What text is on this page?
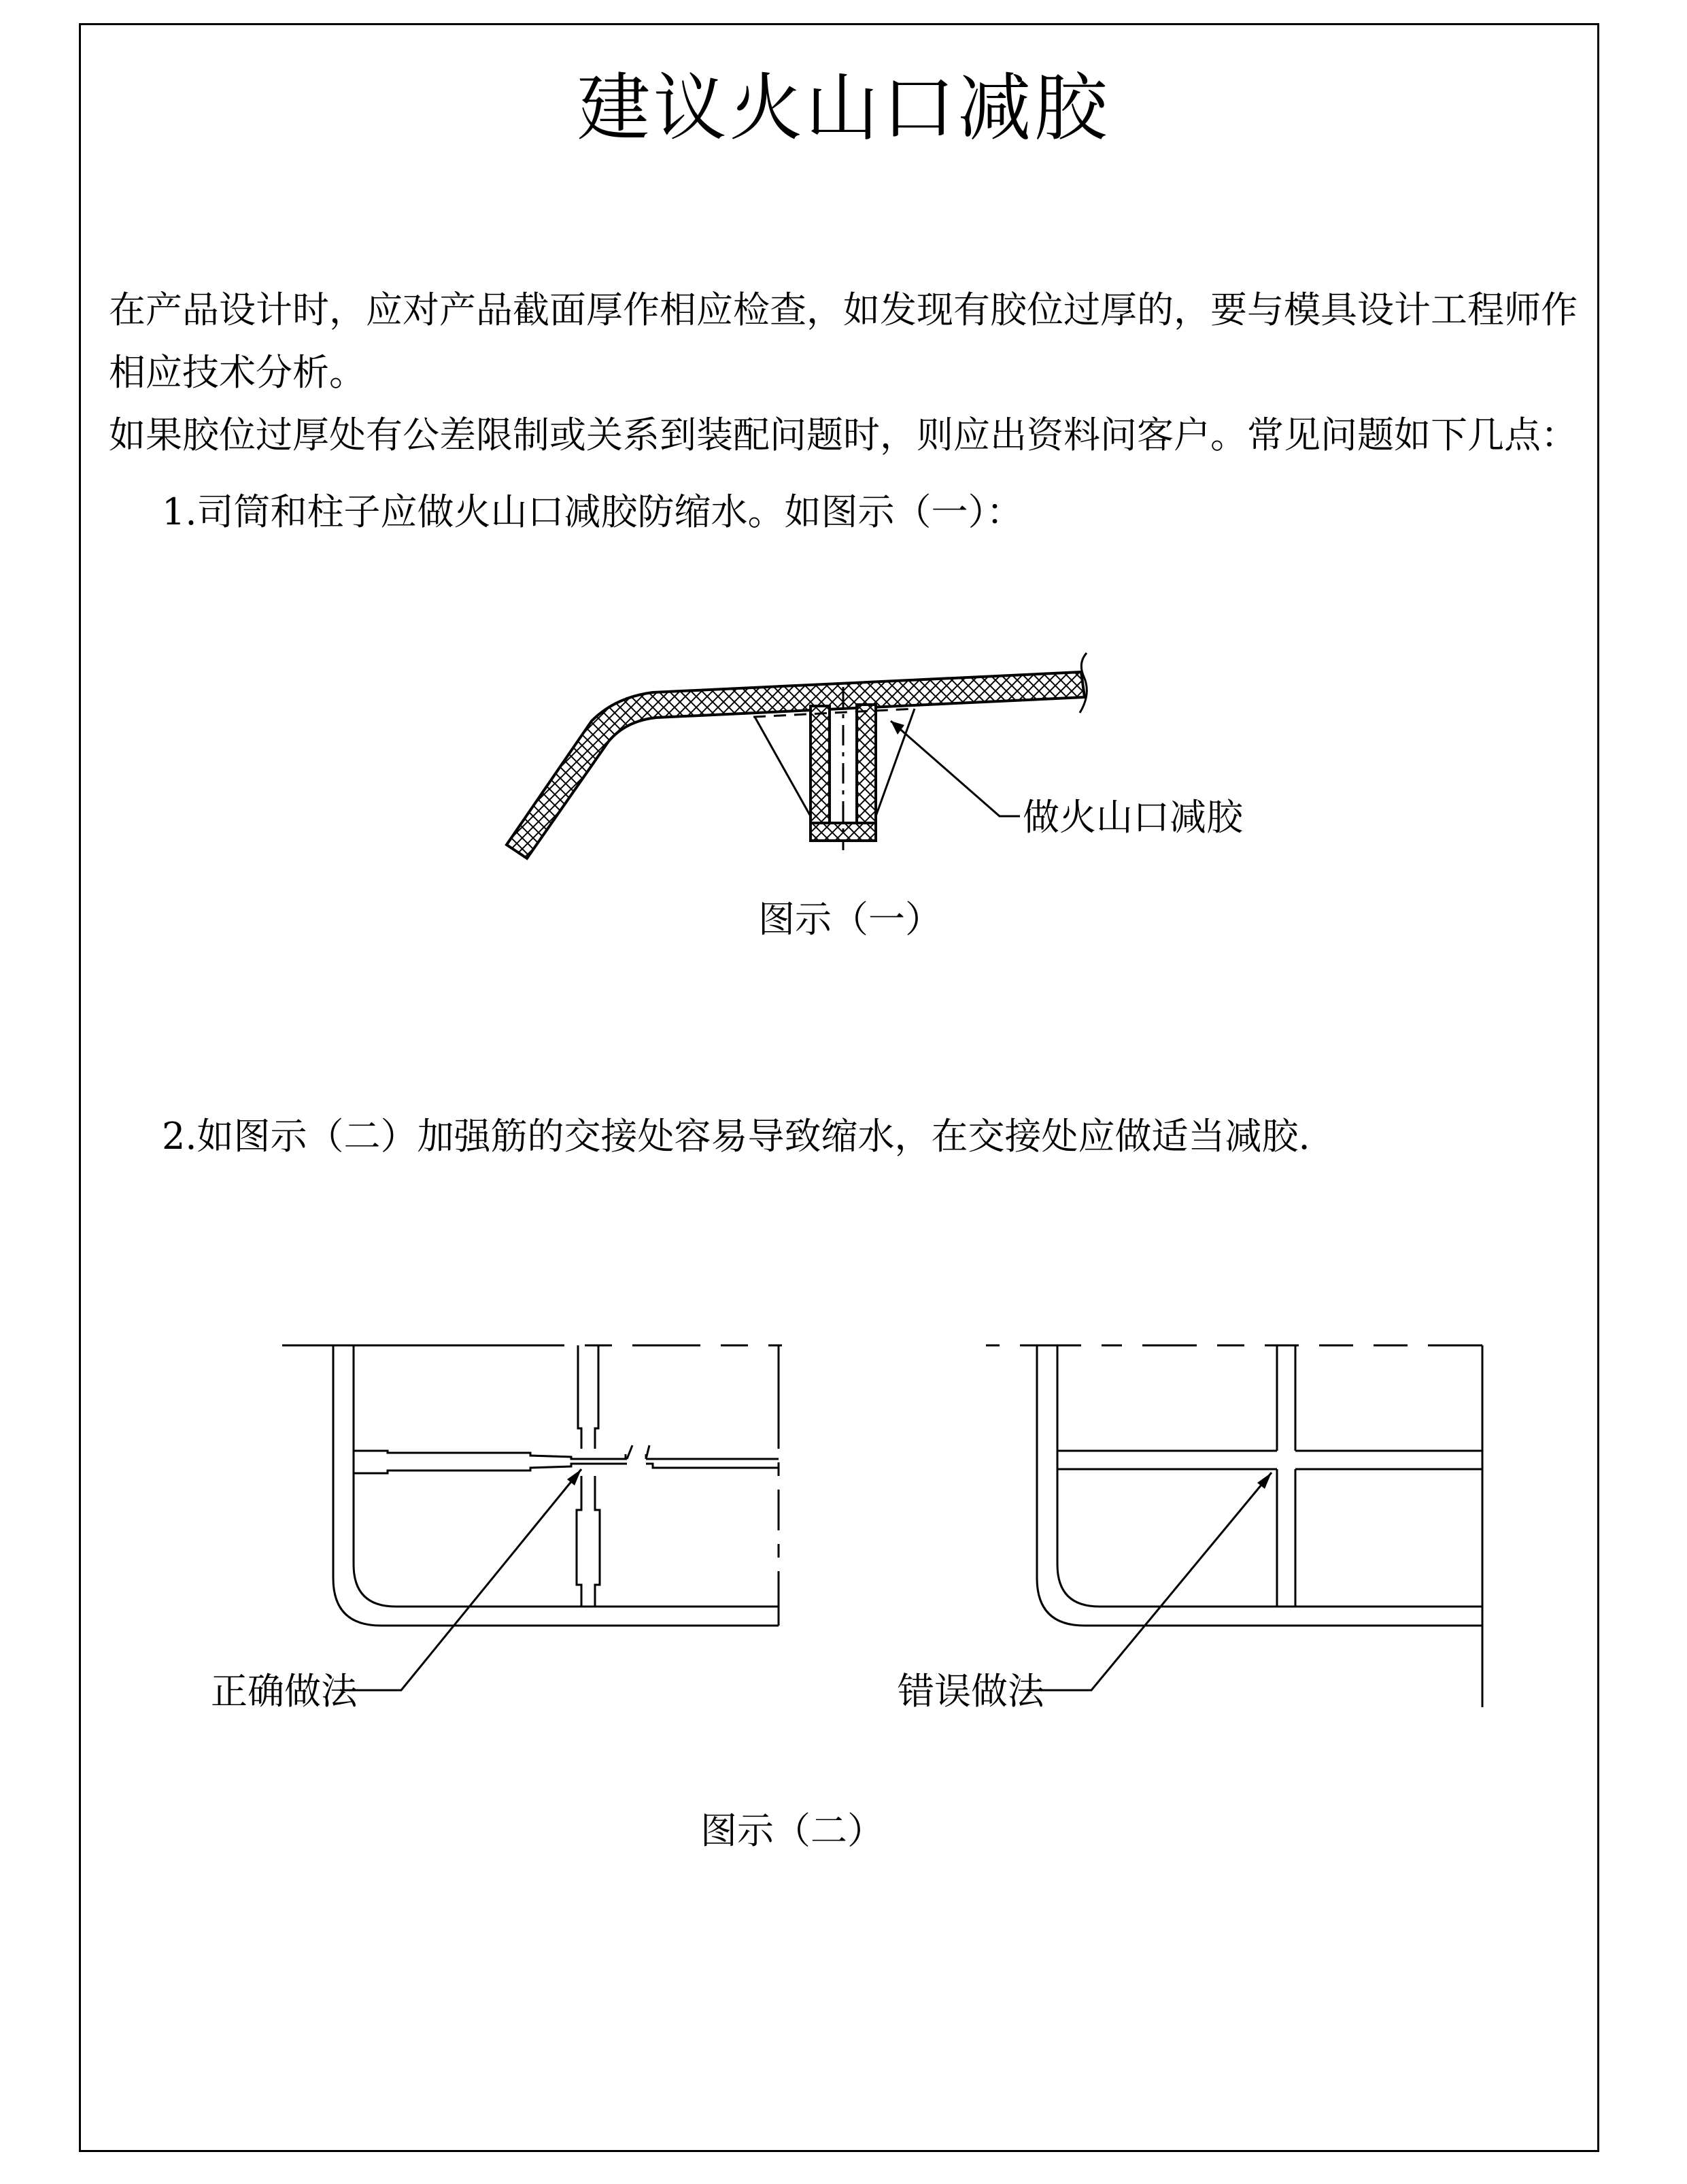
建议火山口减胶
在产品设计时，应对产品截面厚作相应检查，如发现有胶位过厚的，要与模具设计工程师作相应技术分析。
如果胶位过厚处有公差限制或关系到装配问题时，则应出资料问客户。常见问题如下几点：

1.司筒和柱子应做火山口减胶防缩水。如图示（一）：

2.如图示（二）加强筋的交接处容易导致缩水，在交接处应做适当减胶.

做火山口减胶
图示（一）
正确做法	错误做法
图示（二）
